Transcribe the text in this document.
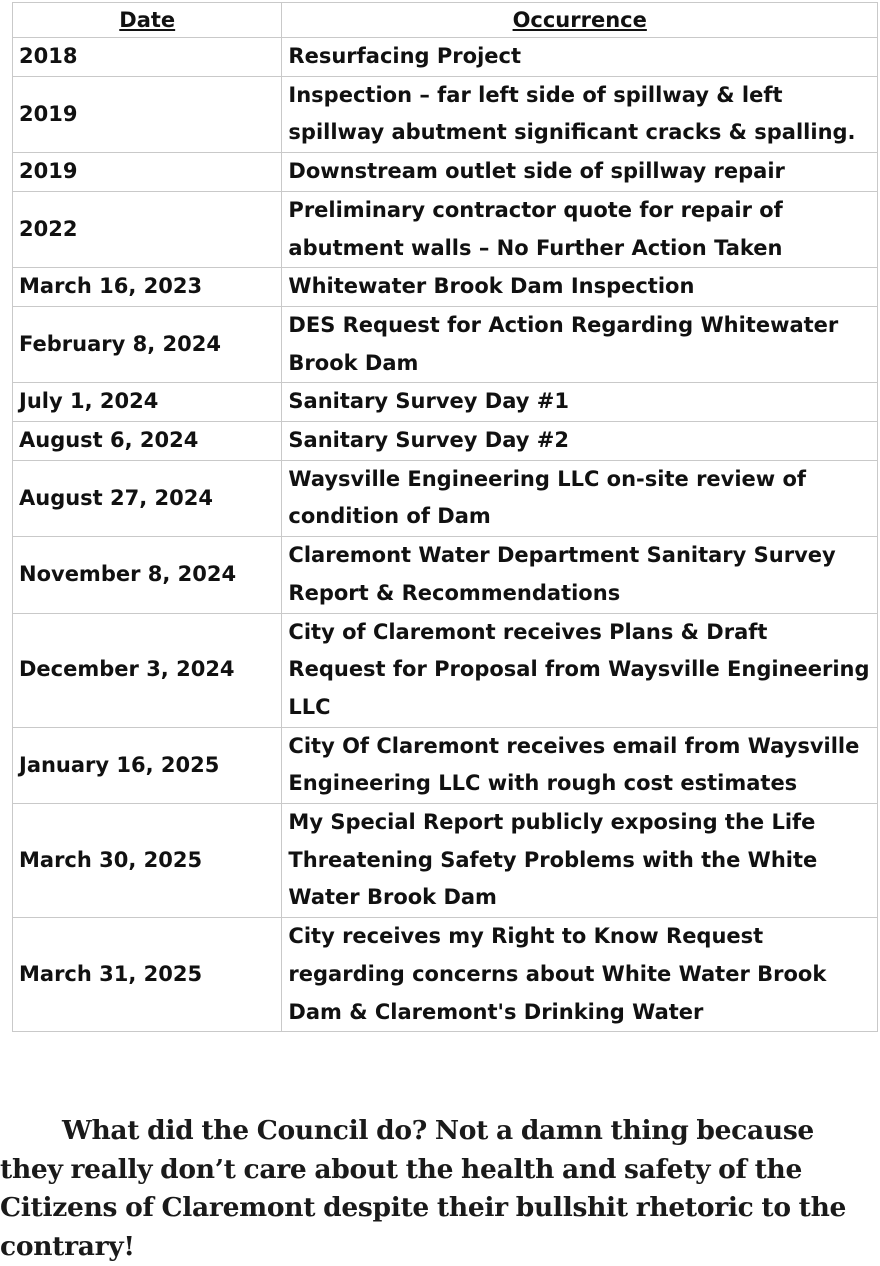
Date	Occurrence
2018	Resurfacing Project
2019	Inspection – far left side of spillway & left spillway abutment significant cracks & spalling.
2019	Downstream outlet side of spillway repair
2022	Preliminary contractor quote for repair of abutment walls – No Further Action Taken
March 16, 2023	Whitewater Brook Dam Inspection
February 8, 2024	DES Request for Action Regarding Whitewater Brook Dam
July 1, 2024	Sanitary Survey Day #1
August 6, 2024	Sanitary Survey Day #2
August 27, 2024	Waysville Engineering LLC on-site review of condition of Dam
November 8, 2024	Claremont Water Department Sanitary Survey Report & Recommendations
December 3, 2024	City of Claremont receives Plans & Draft Request for Proposal from Waysville Engineering LLC
January 16, 2025	City Of Claremont receives email from Waysville Engineering LLC with rough cost estimates
March 30, 2025	My Special Report publicly exposing the Life Threatening Safety Problems with the White Water Brook Dam
March 31, 2025	City receives my Right to Know Request regarding concerns about White Water Brook Dam & Claremont's Drinking Water

What did the Council do? Not a damn thing because they really don’t care about the health and safety of the Citizens of Claremont despite their bullshit rhetoric to the contrary!
